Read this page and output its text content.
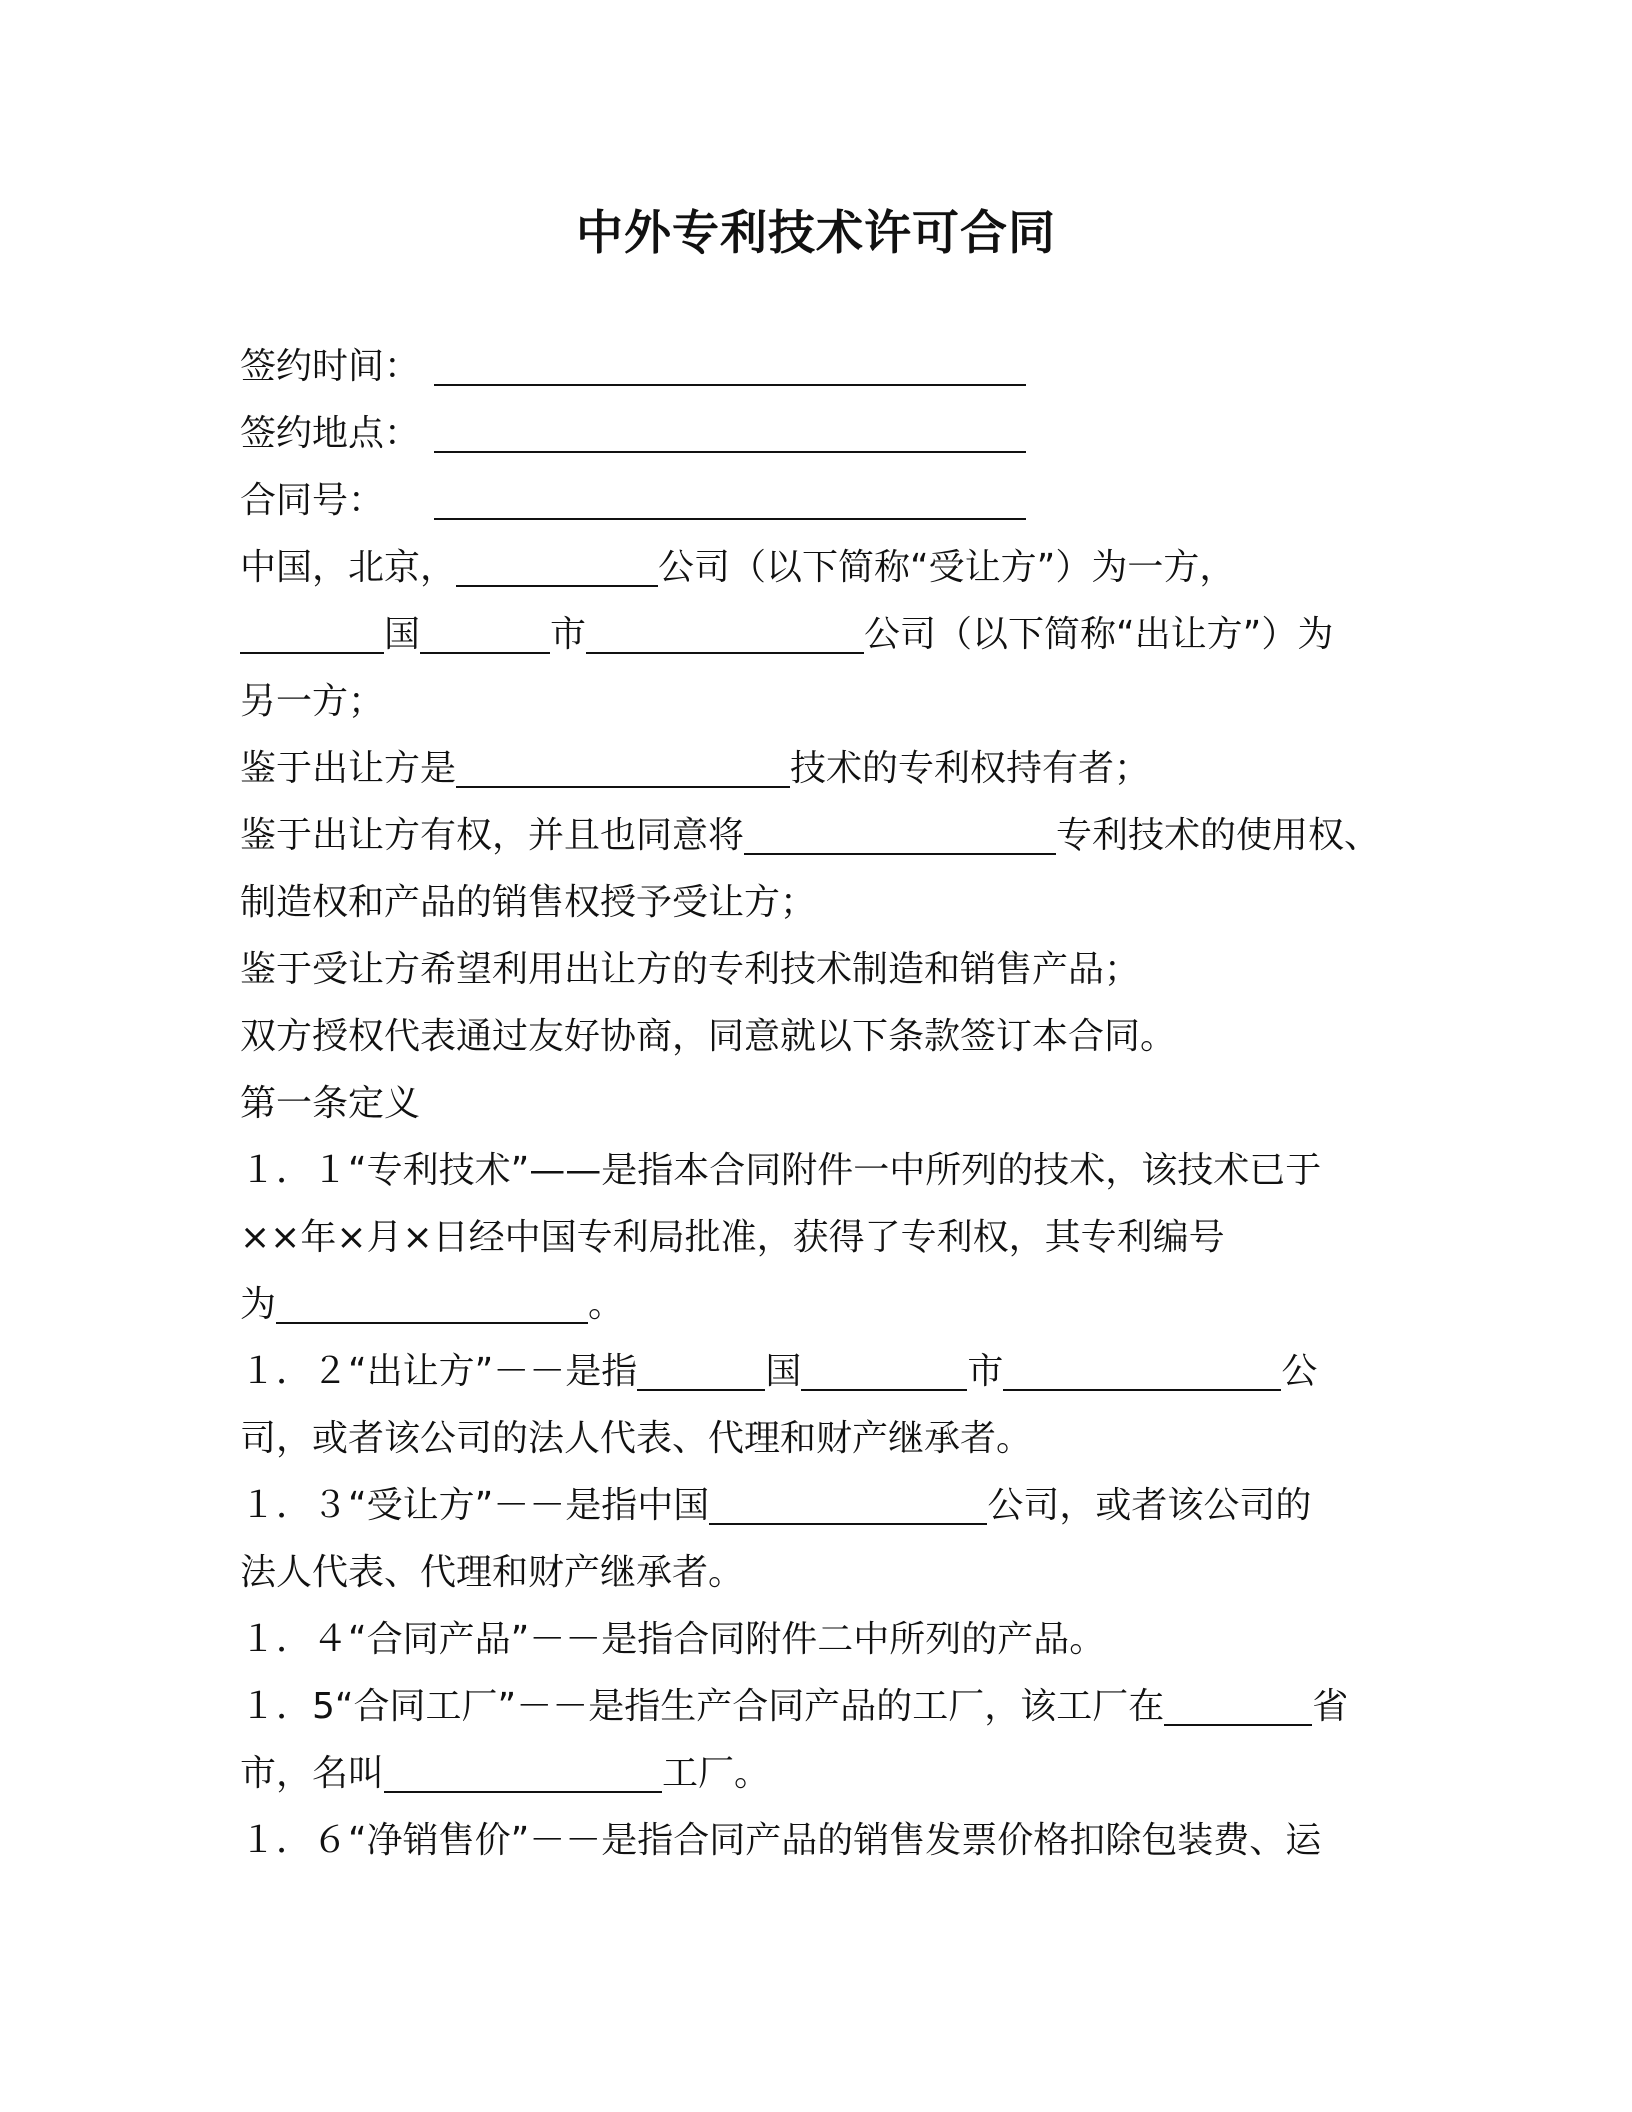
中外专利技术许可合同
签约时间：
签约地点：
合同号：
中国，北京，	公司（以下简称“受让方”）为一方，
国	市	公司（以下简称“出让方”）为
另一方；
鉴于出让方是	技术的专利权持有者；
鉴于出让方有权，并且也同意将	专利技术的使用权、
制造权和产品的销售权授予受让方；
鉴于受让方希望利用出让方的专利技术制造和销售产品；
双方授权代表通过友好协商，同意就以下条款签订本合同。
第一条定义
１．１“专利技术”——是指本合同附件一中所列的技术，该技术已于
××年×月×日经中国专利局批准，获得了专利权，其专利编号
为	。
１．２“出让方”－－是指	国	市	公
司，或者该公司的法人代表、代理和财产继承者。
１．３“受让方”－－是指中国	公司，或者该公司的
法人代表、代理和财产继承者。
１．４“合同产品”－－是指合同附件二中所列的产品。
１．5“合同工厂”－－是指生产合同产品的工厂，该工厂在	省
市，名叫	工厂。
１．６“净销售价”－－是指合同产品的销售发票价格扣除包装费、运
